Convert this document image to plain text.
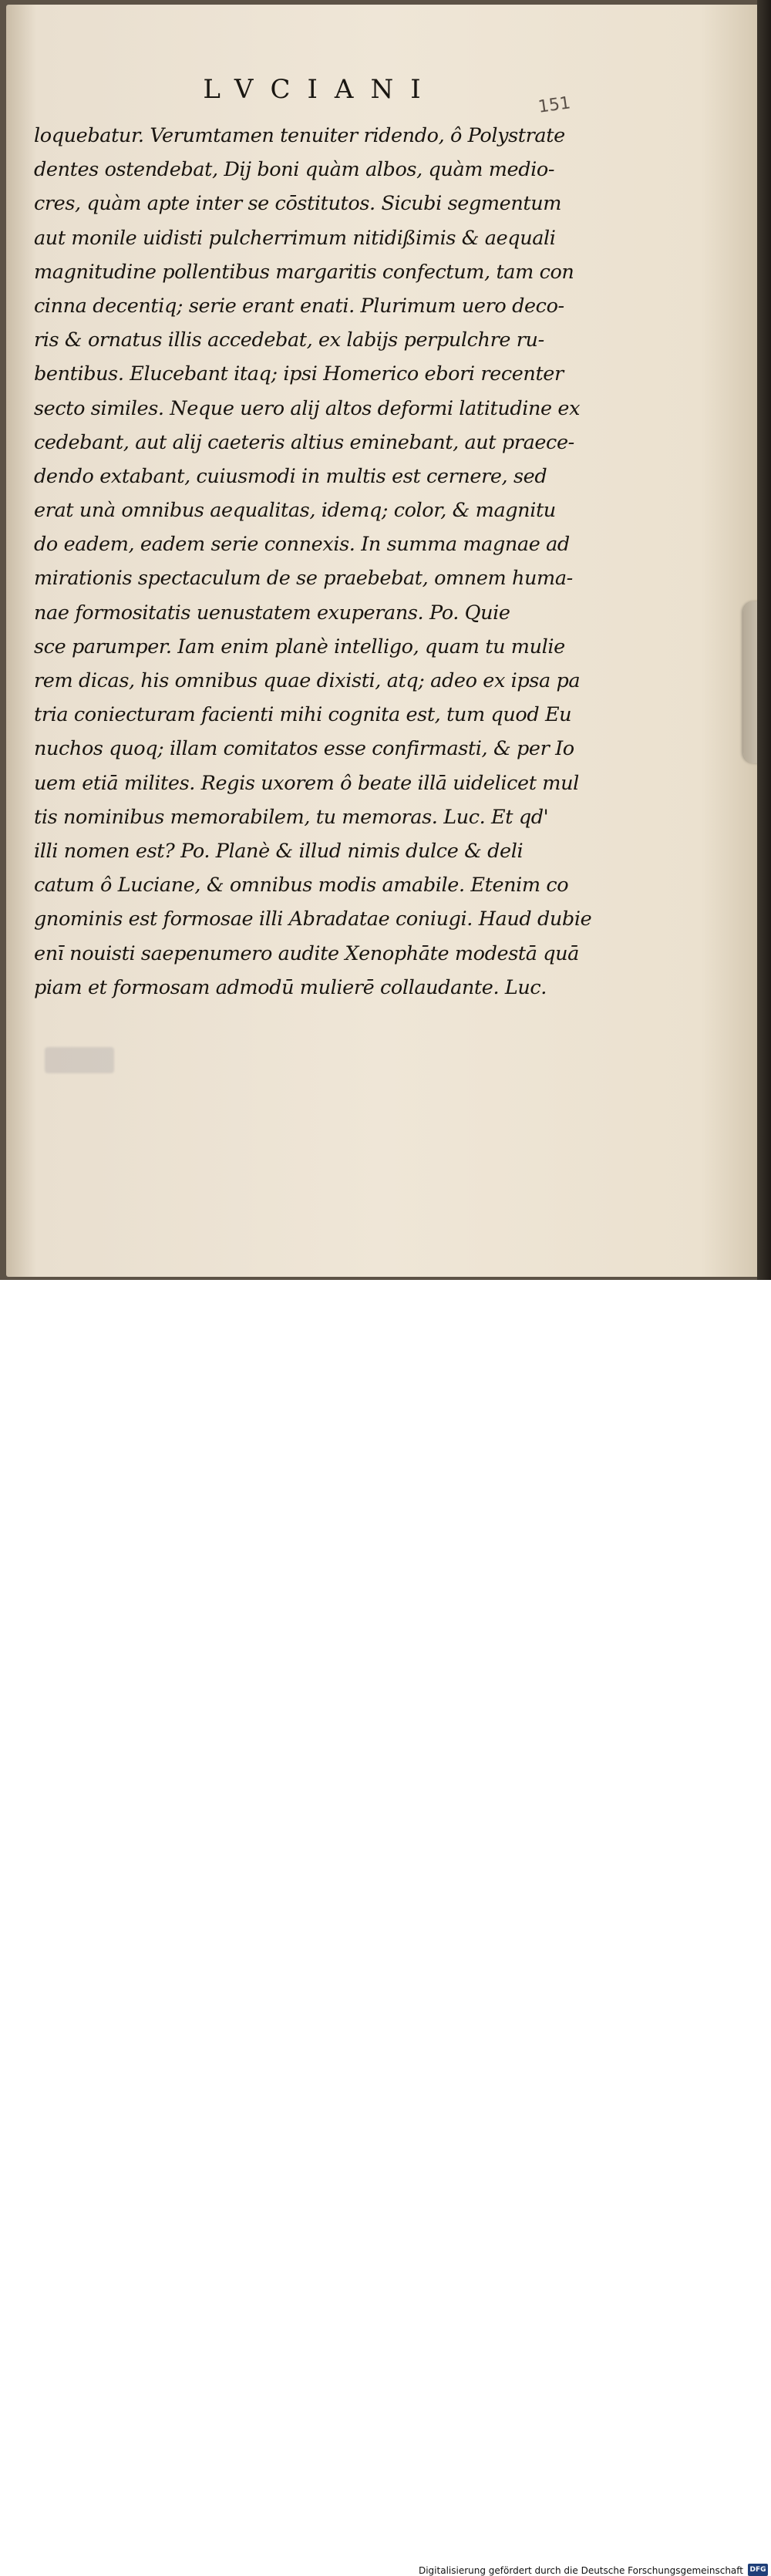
LVCIANI
151
loquebatur. Verumtamen tenuiter ridendo, ô Polystrate
dentes ostendebat, Dij boni quàm albos, quàm medio-
cres, quàm apte inter se cōstitutos. Sicubi segmentum
aut monile uidisti pulcherrimum nitidißimis & aequali
magnitudine pollentibus margaritis confectum, tam con
cinna decentiq; serie erant enati. Plurimum uero deco-
ris & ornatus illis accedebat, ex labijs perpulchre ru-
bentibus. Elucebant itaq; ipsi Homerico ebori recenter
secto similes. Neque uero alij altos deformi latitudine ex
cedebant, aut alij caeteris altius eminebant, aut praece-
dendo extabant, cuiusmodi in multis est cernere, sed
erat unà omnibus aequalitas, idemq; color, & magnitu
do eadem, eadem serie connexis. In summa magnae ad
mirationis spectaculum de se praebebat, omnem huma-
nae formositatis uenustatem exuperans. Po. Quie
sce parumper. Iam enim planè intelligo, quam tu mulie
rem dicas, his omnibus quae dixisti, atq; adeo ex ipsa pa
tria coniecturam facienti mihi cognita est, tum quod Eu
nuchos quoq; illam comitatos esse confirmasti, & per Io
uem etiā milites. Regis uxorem ô beate illā uidelicet mul
tis nominibus memorabilem, tu memoras. Luc. Et qd'
illi nomen est? Po. Planè & illud nimis dulce & deli
catum ô Luciane, & omnibus modis amabile. Etenim co
gnominis est formosae illi Abradatae coniugi. Haud dubie
enī nouisti saepenumero audite Xenophāte modestā quā
piam et formosam admodū mulierē collaudante. Luc.
Digitalisierung gefördert durch die Deutsche Forschungsgemeinschaft DFG
